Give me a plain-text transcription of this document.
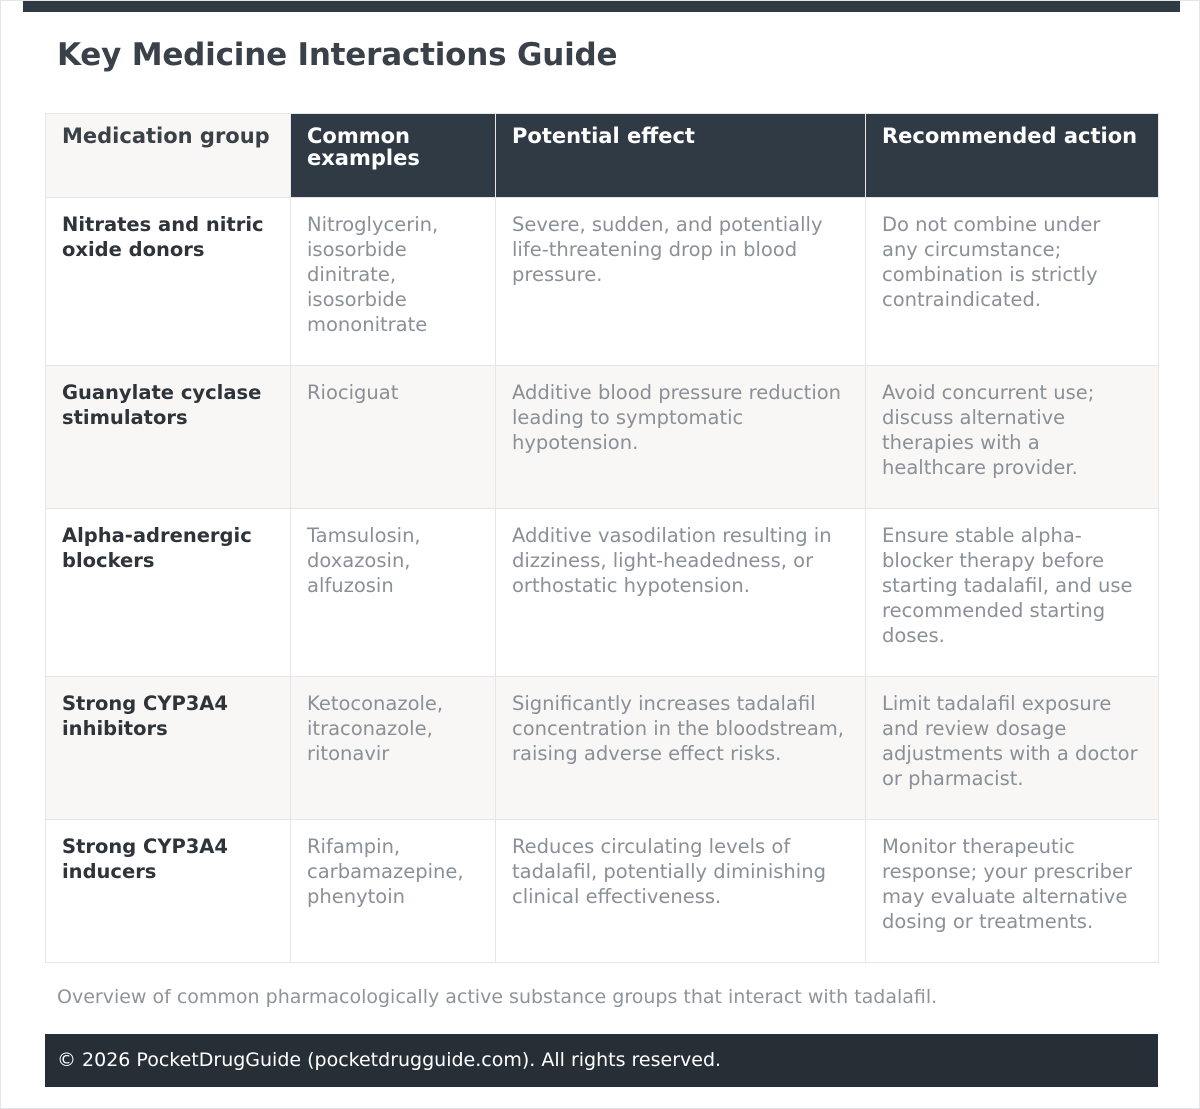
Key Medicine Interactions Guide
Medication group	Common examples	Potential effect	Recommended action
Nitrates and nitric oxide donors	Nitroglycerin, isosorbide dinitrate, isosorbide mononitrate	Severe, sudden, and potentially life-threatening drop in blood pressure.	Do not combine under any circumstance; combination is strictly contraindicated.
Guanylate cyclase stimulators	Riociguat	Additive blood pressure reduction leading to symptomatic hypotension.	Avoid concurrent use; discuss alternative therapies with a healthcare provider.
Alpha-adrenergic blockers	Tamsulosin, doxazosin, alfuzosin	Additive vasodilation resulting in dizziness, light-headedness, or orthostatic hypotension.	Ensure stable alpha-blocker therapy before starting tadalafil, and use recommended starting doses.
Strong CYP3A4 inhibitors	Ketoconazole, itraconazole, ritonavir	Significantly increases tadalafil concentration in the bloodstream, raising adverse effect risks.	Limit tadalafil exposure and review dosage adjustments with a doctor or pharmacist.
Strong CYP3A4 inducers	Rifampin, carbamazepine, phenytoin	Reduces circulating levels of tadalafil, potentially diminishing clinical effectiveness.	Monitor therapeutic response; your prescriber may evaluate alternative dosing or treatments.

Overview of common pharmacologically active substance groups that interact with tadalafil.

© 2026 PocketDrugGuide (pocketdrugguide.com). All rights reserved.
